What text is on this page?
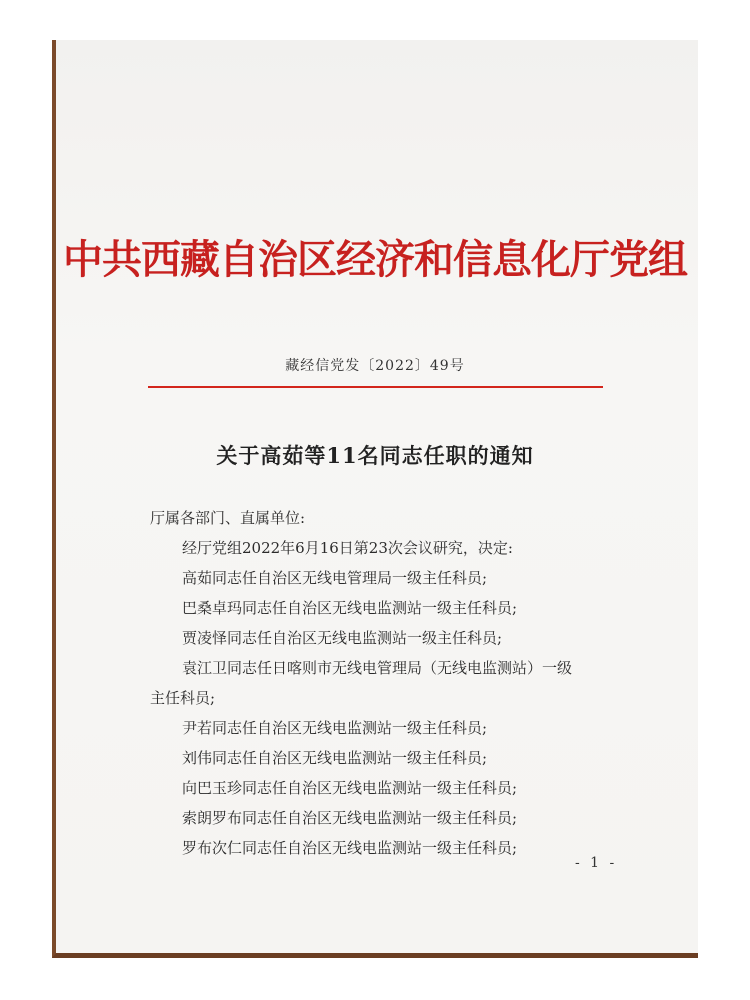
中共西藏自治区经济和信息化厅党组
藏经信党发〔2022〕49号
关于高茹等11名同志任职的通知
厅属各部门、直属单位:
经厅党组2022年6月16日第23次会议研究，决定:
高茹同志任自治区无线电管理局一级主任科员;
巴桑卓玛同志任自治区无线电监测站一级主任科员;
贾凌怿同志任自治区无线电监测站一级主任科员;
袁江卫同志任日喀则市无线电管理局（无线电监测站）一级
主任科员;
尹若同志任自治区无线电监测站一级主任科员;
刘伟同志任自治区无线电监测站一级主任科员;
向巴玉珍同志任自治区无线电监测站一级主任科员;
索朗罗布同志任自治区无线电监测站一级主任科员;
罗布次仁同志任自治区无线电监测站一级主任科员;
- 1 -
